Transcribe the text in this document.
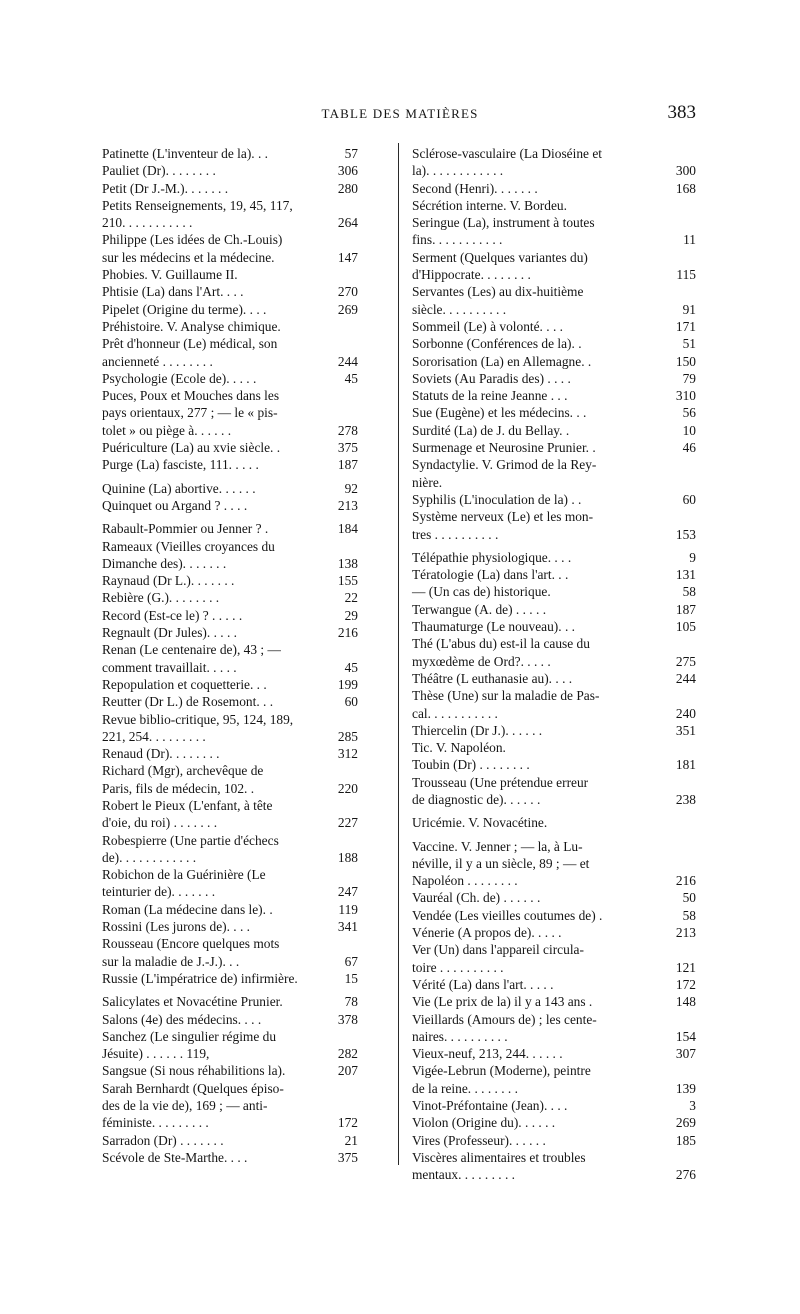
TABLE DES MATIÈRES	383
Patinette (L'inventeur de la). . .	57
Pauliet (Dr). . . . . . . .	306
Petit (Dr J.-M.). . . . . . .	280
Petits Renseignements, 19, 45, 117,
210. . . . . . . . . . .	264
Philippe (Les idées de Ch.-Louis)
sur les médecins et la médecine.	147
Phobies. V. Guillaume II.
Phtisie (La) dans l'Art. . . .	270
Pipelet (Origine du terme). . . .	269
Préhistoire. V. Analyse chimique.
Prêt d'honneur (Le) médical, son
ancienneté . . . . . . . .	244
Psychologie (Ecole de). . . . .	45
Puces, Poux et Mouches dans les
pays orientaux, 277 ; — le « pis-
tolet » ou piège à. . . . . .	278
Puériculture (La) au xvie siècle. .	375
Purge (La) fasciste, 111. . . . .	187
Quinine (La) abortive. . . . . .	92
Quinquet ou Argand ? . . . .	213
Rabault-Pommier ou Jenner ? .	184
Rameaux (Vieilles croyances du
Dimanche des). . . . . . .	138
Raynaud (Dr L.). . . . . . .	155
Rebière (G.). . . . . . . .	22
Record (Est-ce le) ? . . . . .	29
Regnault (Dr Jules). . . . .	216
Renan (Le centenaire de), 43 ; —
comment travaillait. . . . .	45
Repopulation et coquetterie. . .	199
Reutter (Dr L.) de Rosemont. . .	60
Revue biblio-critique, 95, 124, 189,
221, 254. . . . . . . . .	285
Renaud (Dr). . . . . . . .	312
Richard (Mgr), archevêque de
Paris, fils de médecin, 102. .	220
Robert le Pieux (L'enfant, à tête
d'oie, du roi) . . . . . . .	227
Robespierre (Une partie d'échecs
de). . . . . . . . . . . .	188
Robichon de la Guérinière (Le
teinturier de). . . . . . .	247
Roman (La médecine dans le). .	119
Rossini (Les jurons de). . . .	341
Rousseau (Encore quelques mots
sur la maladie de J.-J.). . .	67
Russie (L'impératrice de) infirmière.	15
Salicylates et Novacétine Prunier.	78
Salons (4e) des médecins. . . .	378
Sanchez (Le singulier régime du
Jésuite) . . . . . . 119,	282
Sangsue (Si nous réhabilitions la).	207
Sarah Bernhardt (Quelques épiso-
des de la vie de), 169 ; — anti-
féministe. . . . . . . . .	172
Sarradon (Dr) . . . . . . .	21
Scévole de Ste-Marthe. . . .	375
Sclérose-vasculaire (La Dioséine et
la). . . . . . . . . . . .	300
Second (Henri). . . . . . .	168
Sécrétion interne. V. Bordeu.
Seringue (La), instrument à toutes
fins. . . . . . . . . . .	11
Serment (Quelques variantes du)
d'Hippocrate. . . . . . . .	115
Servantes (Les) au dix-huitième
siècle. . . . . . . . . .	91
Sommeil (Le) à volonté. . . .	171
Sorbonne (Conférences de la). .	51
Sororisation (La) en Allemagne. .	150
Soviets (Au Paradis des) . . . .	79
Statuts de la reine Jeanne . . .	310
Sue (Eugène) et les médecins. . .	56
Surdité (La) de J. du Bellay. .	10
Surmenage et Neurosine Prunier. .	46
Syndactylie. V. Grimod de la Rey-
nière.
Syphilis (L'inoculation de la) . .	60
Système nerveux (Le) et les mon-
tres . . . . . . . . . .	153
Télépathie physiologique. . . .	9
Tératologie (La) dans l'art. . .	131
— (Un cas de) historique.	58
Terwangue (A. de) . . . . .	187
Thaumaturge (Le nouveau). . .	105
Thé (L'abus du) est-il la cause du
myxœdème de Ord?. . . . .	275
Théâtre (L euthanasie au). . . .	244
Thèse (Une) sur la maladie de Pas-
cal. . . . . . . . . . .	240
Thiercelin (Dr J.). . . . . .	351
Tic. V. Napoléon.
Toubin (Dr) . . . . . . . .	181
Trousseau (Une prétendue erreur
de diagnostic de). . . . . .	238
Uricémie. V. Novacétine.
Vaccine. V. Jenner ; — la, à Lu-
néville, il y a un siècle, 89 ; — et
Napoléon . . . . . . . .	216
Vauréal (Ch. de) . . . . . .	50
Vendée (Les vieilles coutumes de) .	58
Vénerie (A propos de). . . . .	213
Ver (Un) dans l'appareil circula-
toire . . . . . . . . . .	121
Vérité (La) dans l'art. . . . .	172
Vie (Le prix de la) il y a 143 ans .	148
Vieillards (Amours de) ; les cente-
naires. . . . . . . . . .	154
Vieux-neuf, 213, 244. . . . . .	307
Vigée-Lebrun (Moderne), peintre
de la reine. . . . . . . .	139
Vinot-Préfontaine (Jean). . . .	3
Violon (Origine du). . . . . .	269
Vires (Professeur). . . . . .	185
Viscères alimentaires et troubles
mentaux. . . . . . . . .	276
